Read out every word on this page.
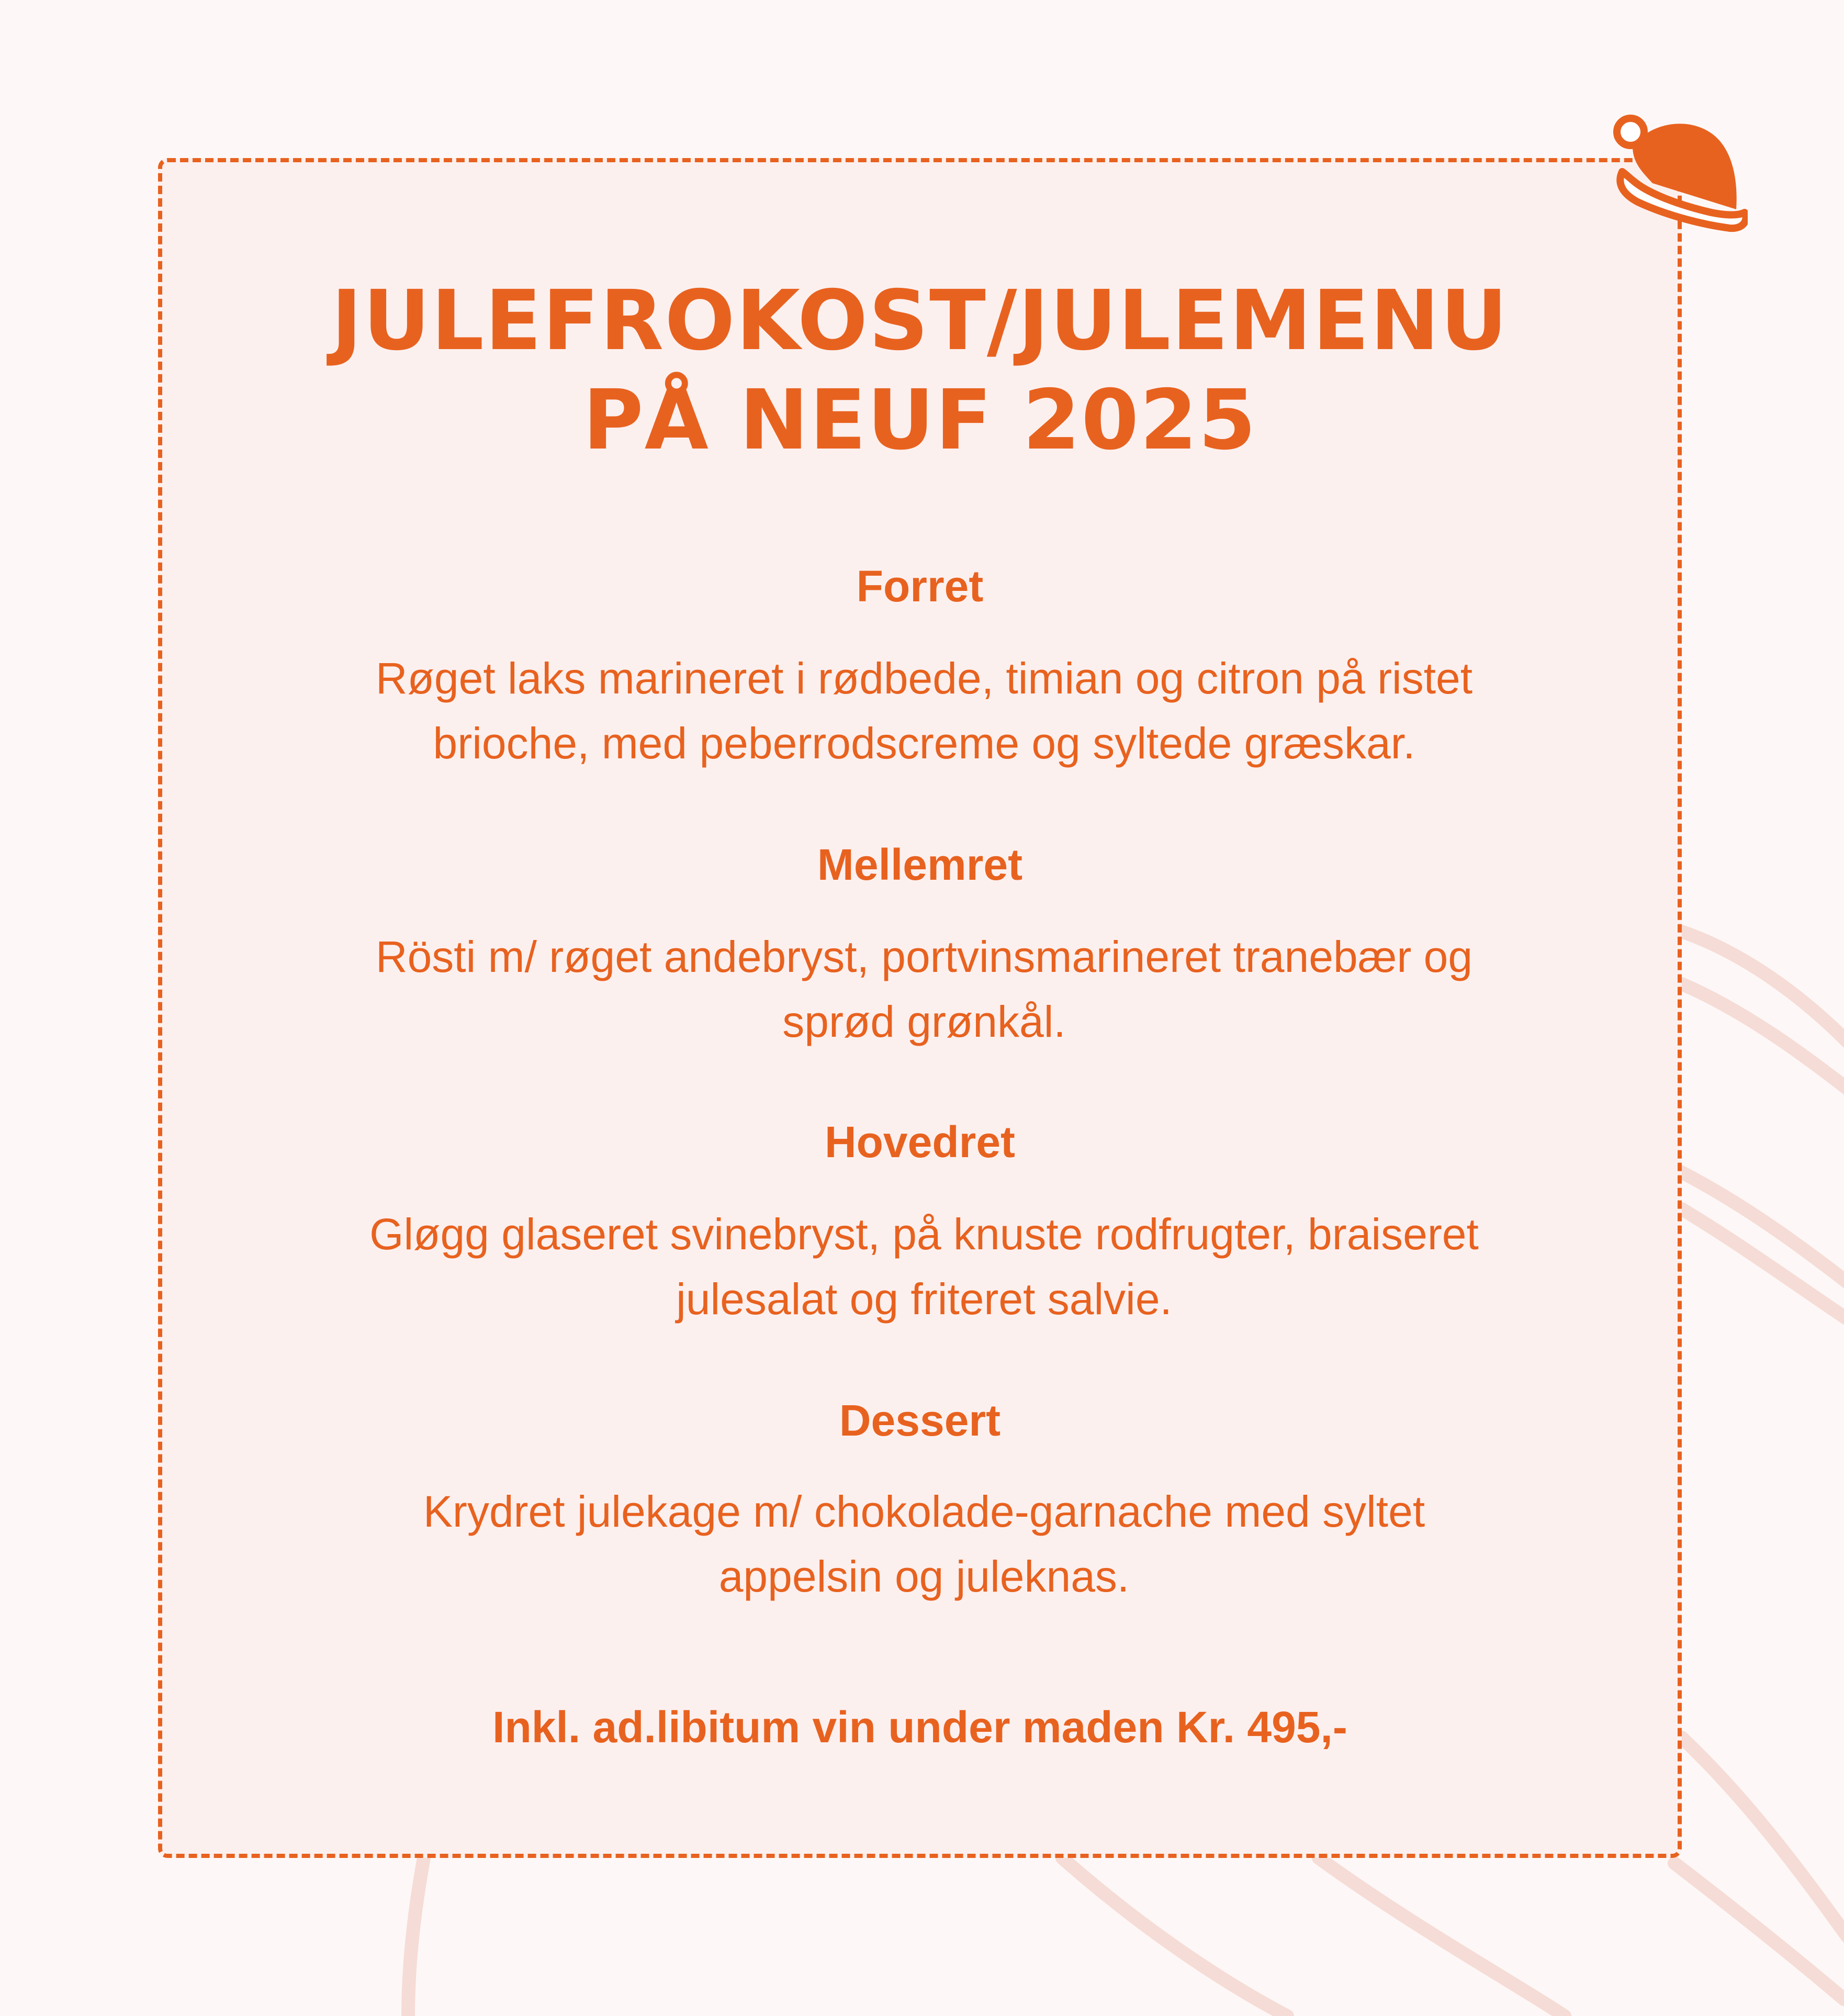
JULEFROKOST/JULEMENU
PÅ NEUF 2025
Forret
Røget laks marineret i rødbede, timian og citron på ristet
brioche, med peberrodscreme og syltede græskar.
Mellemret
Rösti m/ røget andebryst, portvinsmarineret tranebær og
sprød grønkål.
Hovedret
Gløgg glaseret svinebryst, på knuste rodfrugter, braiseret
julesalat og friteret salvie.
Dessert
Krydret julekage m/ chokolade-garnache med syltet
appelsin og juleknas.
Inkl. ad.libitum vin under maden Kr. 495,-
